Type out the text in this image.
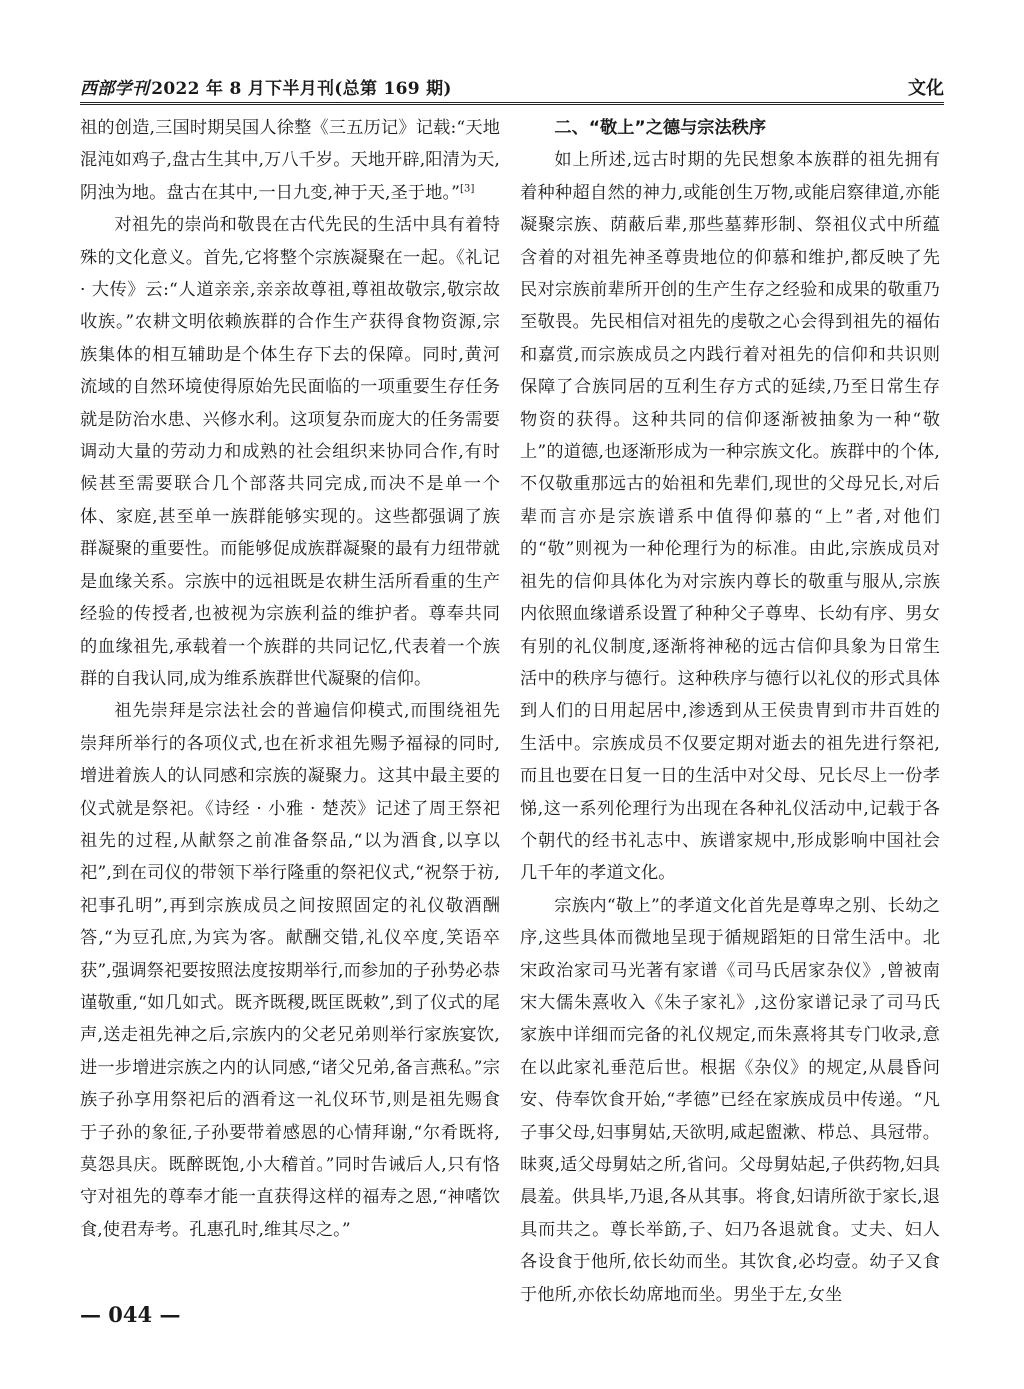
西部学刊 2022 年 8 月下半月刊(总第 169 期)	文化

祖的创造,三国时期吴国人徐整《三五历记》记载:“天地混沌如鸡子,盘古生其中,万八千岁。天地开辟,阳清为天,阴浊为地。盘古在其中,一日九变,神于天,圣于地。”[3]

对祖先的崇尚和敬畏在古代先民的生活中具有着特殊的文化意义。首先,它将整个宗族凝聚在一起。《礼记 · 大传》云:“人道亲亲,亲亲故尊祖,尊祖故敬宗,敬宗故收族。”农耕文明依赖族群的合作生产获得食物资源,宗族集体的相互辅助是个体生存下去的保障。同时,黄河流域的自然环境使得原始先民面临的一项重要生存任务就是防治水患、兴修水利。这项复杂而庞大的任务需要调动大量的劳动力和成熟的社会组织来协同合作,有时候甚至需要联合几个部落共同完成,而决不是单一个体、家庭,甚至单一族群能够实现的。这些都强调了族群凝聚的重要性。而能够促成族群凝聚的最有力纽带就是血缘关系。宗族中的远祖既是农耕生活所看重的生产经验的传授者,也被视为宗族利益的维护者。尊奉共同的血缘祖先,承载着一个族群的共同记忆,代表着一个族群的自我认同,成为维系族群世代凝聚的信仰。

祖先崇拜是宗法社会的普遍信仰模式,而围绕祖先崇拜所举行的各项仪式,也在祈求祖先赐予福禄的同时,增进着族人的认同感和宗族的凝聚力。这其中最主要的仪式就是祭祀。《诗经 · 小雅 · 楚茨》记述了周王祭祀祖先的过程,从献祭之前准备祭品,“以为酒食,以享以祀”,到在司仪的带领下举行隆重的祭祀仪式,“祝祭于祊,祀事孔明”,再到宗族成员之间按照固定的礼仪敬酒酬答,“为豆孔庶,为宾为客。献酬交错,礼仪卒度,笑语卒获”,强调祭祀要按照法度按期举行,而参加的子孙势必恭谨敬重,“如几如式。既齐既稷,既匡既敕”,到了仪式的尾声,送走祖先神之后,宗族内的父老兄弟则举行家族宴饮,进一步增进宗族之内的认同感,“诸父兄弟,备言燕私。”宗族子孙享用祭祀后的酒肴这一礼仪环节,则是祖先赐食于子孙的象征,子孙要带着感恩的心情拜谢,“尔肴既将,莫怨具庆。既醉既饱,小大稽首。”同时告诫后人,只有恪守对祖先的尊奉才能一直获得这样的福寿之恩,“神嗜饮食,使君寿考。孔惠孔时,维其尽之。”

二、“敬上”之德与宗法秩序

如上所述,远古时期的先民想象本族群的祖先拥有着种种超自然的神力,或能创生万物,或能启察律道,亦能凝聚宗族、荫蔽后辈,那些墓葬形制、祭祖仪式中所蕴含着的对祖先神圣尊贵地位的仰慕和维护,都反映了先民对宗族前辈所开创的生产生存之经验和成果的敬重乃至敬畏。先民相信对祖先的虔敬之心会得到祖先的福佑和嘉赏,而宗族成员之内践行着对祖先的信仰和共识则保障了合族同居的互利生存方式的延续,乃至日常生存物资的获得。这种共同的信仰逐渐被抽象为一种“敬上”的道德,也逐渐形成为一种宗族文化。族群中的个体,不仅敬重那远古的始祖和先辈们,现世的父母兄长,对后辈而言亦是宗族谱系中值得仰慕的“上”者,对他们的“敬”则视为一种伦理行为的标准。由此,宗族成员对祖先的信仰具体化为对宗族内尊长的敬重与服从,宗族内依照血缘谱系设置了种种父子尊卑、长幼有序、男女有别的礼仪制度,逐渐将神秘的远古信仰具象为日常生活中的秩序与德行。这种秩序与德行以礼仪的形式具体到人们的日用起居中,渗透到从王侯贵胄到市井百姓的生活中。宗族成员不仅要定期对逝去的祖先进行祭祀,而且也要在日复一日的生活中对父母、兄长尽上一份孝悌,这一系列伦理行为出现在各种礼仪活动中,记载于各个朝代的经书礼志中、族谱家规中,形成影响中国社会几千年的孝道文化。

宗族内“敬上”的孝道文化首先是尊卑之别、长幼之序,这些具体而微地呈现于循规蹈矩的日常生活中。北宋政治家司马光著有家谱《司马氏居家杂仪》,曾被南宋大儒朱熹收入《朱子家礼》,这份家谱记录了司马氏家族中详细而完备的礼仪规定,而朱熹将其专门收录,意在以此家礼垂范后世。根据《杂仪》的规定,从晨昏问安、侍奉饮食开始,“孝德”已经在家族成员中传递。“凡子事父母,妇事舅姑,天欲明,咸起盥漱、栉总、具冠带。昧爽,适父母舅姑之所,省问。父母舅姑起,子供药物,妇具晨羞。供具毕,乃退,各从其事。将食,妇请所欲于家长,退具而共之。尊长举筯,子、妇乃各退就食。丈夫、妇人各设食于他所,依长幼而坐。其饮食,必均壹。幼子又食于他所,亦依长幼席地而坐。男坐于左,女坐

— 044 —
